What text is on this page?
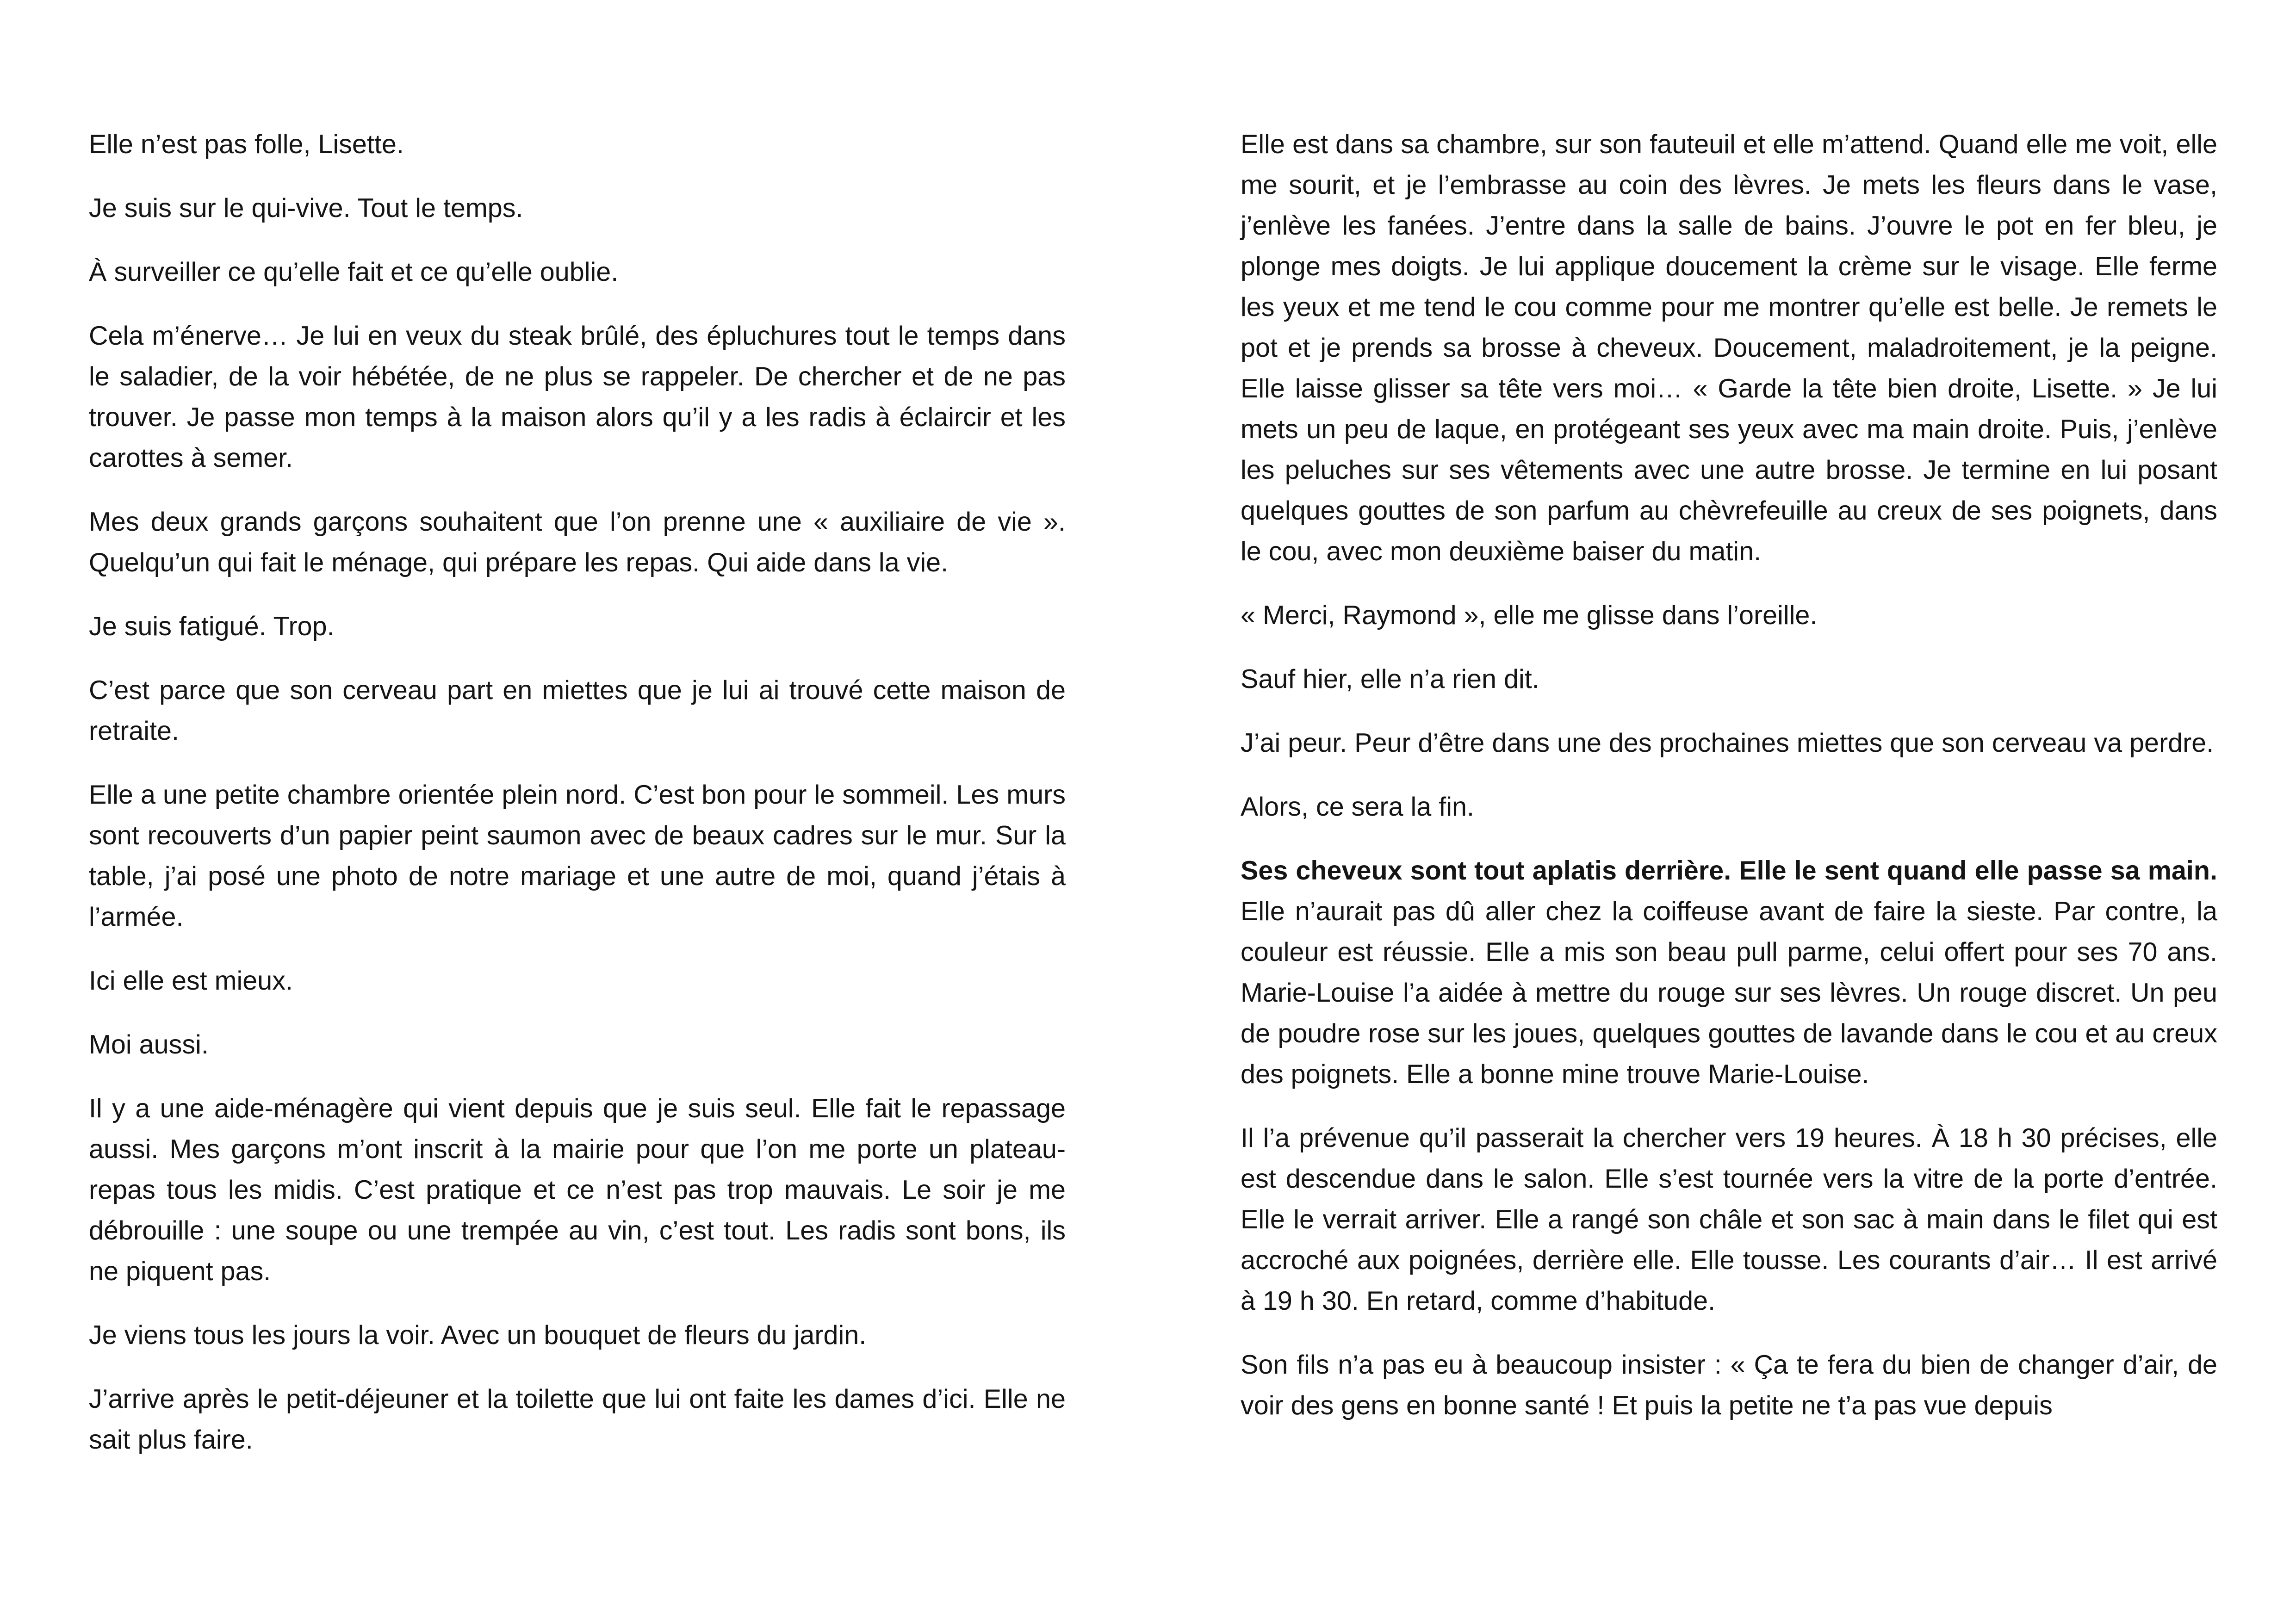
Elle n’est pas folle, Lisette.

Je suis sur le qui-vive. Tout le temps.

À surveiller ce qu’elle fait et ce qu’elle oublie.

Cela m’énerve… Je lui en veux du steak brûlé, des épluchures tout le temps dans le saladier, de la voir hébétée, de ne plus se rappeler. De chercher et de ne pas trouver. Je passe mon temps à la maison alors qu’il y a les radis à éclaircir et les carottes à semer.

Mes deux grands garçons souhaitent que l’on prenne une « auxiliaire de vie ». Quelqu’un qui fait le ménage, qui prépare les repas. Qui aide dans la vie.

Je suis fatigué. Trop.

C’est parce que son cerveau part en miettes que je lui ai trouvé cette maison de retraite.

Elle a une petite chambre orientée plein nord. C’est bon pour le sommeil. Les murs sont recouverts d’un papier peint saumon avec de beaux cadres sur le mur. Sur la table, j’ai posé une photo de notre mariage et une autre de moi, quand j’étais à l’armée.

Ici elle est mieux.

Moi aussi.

Il y a une aide-ménagère qui vient depuis que je suis seul. Elle fait le repassage aussi. Mes garçons m’ont inscrit à la mairie pour que l’on me porte un plateau-repas tous les midis. C’est pratique et ce n’est pas trop mauvais. Le soir je me débrouille : une soupe ou une trempée au vin, c’est tout. Les radis sont bons, ils ne piquent pas.

Je viens tous les jours la voir. Avec un bouquet de fleurs du jardin.

J’arrive après le petit-déjeuner et la toilette que lui ont faite les dames d’ici. Elle ne sait plus faire.

Elle est dans sa chambre, sur son fauteuil et elle m’attend. Quand elle me voit, elle me sourit, et je l’embrasse au coin des lèvres. Je mets les fleurs dans le vase, j’enlève les fanées. J’entre dans la salle de bains. J’ouvre le pot en fer bleu, je plonge mes doigts. Je lui applique doucement la crème sur le visage. Elle ferme les yeux et me tend le cou comme pour me montrer qu’elle est belle. Je remets le pot et je prends sa brosse à cheveux. Doucement, maladroitement, je la peigne. Elle laisse glisser sa tête vers moi… « Garde la tête bien droite, Lisette. » Je lui mets un peu de laque, en protégeant ses yeux avec ma main droite. Puis, j’enlève les peluches sur ses vêtements avec une autre brosse. Je termine en lui posant quelques gouttes de son parfum au chèvrefeuille au creux de ses poignets, dans le cou, avec mon deuxième baiser du matin.

« Merci, Raymond », elle me glisse dans l’oreille.

Sauf hier, elle n’a rien dit.

J’ai peur. Peur d’être dans une des prochaines miettes que son cerveau va perdre.

Alors, ce sera la fin.

Ses cheveux sont tout aplatis derrière. Elle le sent quand elle passe sa main. Elle n’aurait pas dû aller chez la coiffeuse avant de faire la sieste. Par contre, la couleur est réussie. Elle a mis son beau pull parme, celui offert pour ses 70 ans. Marie-Louise l’a aidée à mettre du rouge sur ses lèvres. Un rouge discret. Un peu de poudre rose sur les joues, quelques gouttes de lavande dans le cou et au creux des poignets. Elle a bonne mine trouve Marie-Louise.

Il l’a prévenue qu’il passerait la chercher vers 19 heures. À 18 h 30 précises, elle est descendue dans le salon. Elle s’est tournée vers la vitre de la porte d’entrée. Elle le verrait arriver. Elle a rangé son châle et son sac à main dans le filet qui est accroché aux poignées, derrière elle. Elle tousse. Les courants d’air… Il est arrivé à 19 h 30. En retard, comme d’habitude.

Son fils n’a pas eu à beaucoup insister : « Ça te fera du bien de changer d’air, de voir des gens en bonne santé ! Et puis la petite ne t’a pas vue depuis
